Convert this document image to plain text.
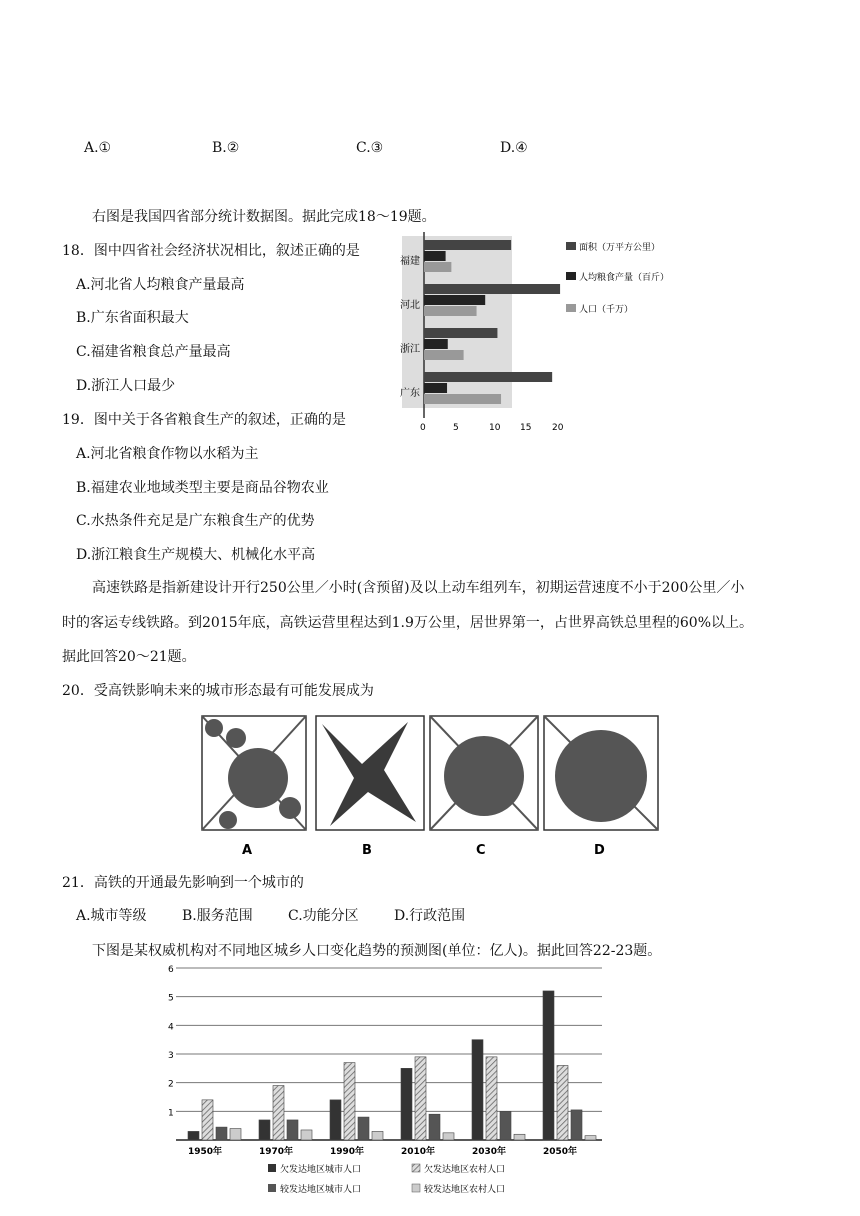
A.①	B.②	C.③	D.④
右图是我国四省部分统计数据图。据此完成18～19题。
18．图中四省社会经济状况相比，叙述正确的是
A.河北省人均粮食产量最高
B.广东省面积最大
C.福建省粮食总产量最高
D.浙江人口最少
19．图中关于各省粮食生产的叙述，正确的是
A.河北省粮食作物以水稻为主
B.福建农业地域类型主要是商品谷物农业
C.水热条件充足是广东粮食生产的优势
D.浙江粮食生产规模大、机械化水平高
福建
河北
浙江
广东
0	5	10 15 20
面积（万平方公里）
人均粮食产量（百斤）
人口（千万）
高速铁路是指新建设计开行250公里／小时(含预留)及以上动车组列车，初期运营速度不小于200公里／小
时的客运专线铁路。到2015年底，高铁运营里程达到1.9万公里，居世界第一，占世界高铁总里程的60%以上。
据此回答20～21题。
20．受高铁影响未来的城市形态最有可能发展成为
A	B	C	D
21．高铁的开通最先影响到一个城市的
A.城市等级	B.服务范围	C.功能分区	D.行政范围
下图是某权威机构对不同地区城乡人口变化趋势的预测图(单位：亿人)。据此回答22-23题。
1
2
3
4
5
6
1950年	1970年	1990年	2010年	2030年	2050年
欠发达地区城市人口	欠发达地区农村人口
较发达地区城市人口	较发达地区农村人口
